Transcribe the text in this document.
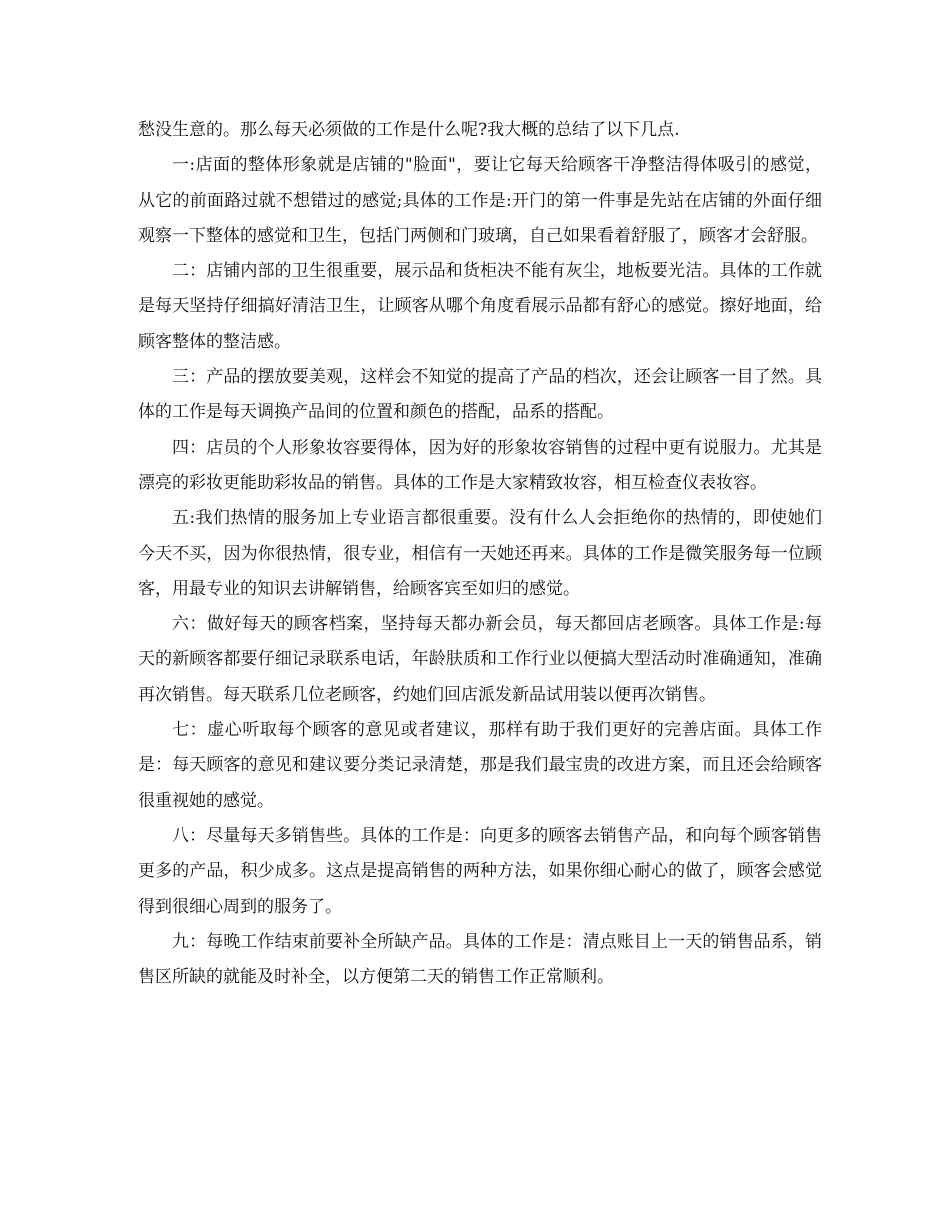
愁没生意的。那么每天必须做的工作是什么呢?我大概的总结了以下几点.

一:店面的整体形象就是店铺的"脸面"，要让它每天给顾客干净整洁得体吸引的感觉，从它的前面路过就不想错过的感觉;具体的工作是:开门的第一件事是先站在店铺的外面仔细观察一下整体的感觉和卫生，包括门两侧和门玻璃，自己如果看着舒服了，顾客才会舒服。

二：店铺内部的卫生很重要，展示品和货柜决不能有灰尘，地板要光洁。具体的工作就是每天坚持仔细搞好清洁卫生，让顾客从哪个角度看展示品都有舒心的感觉。擦好地面，给顾客整体的整洁感。

三：产品的摆放要美观，这样会不知觉的提高了产品的档次，还会让顾客一目了然。具体的工作是每天调换产品间的位置和颜色的搭配，品系的搭配。

四：店员的个人形象妆容要得体，因为好的形象妆容销售的过程中更有说服力。尤其是漂亮的彩妆更能助彩妆品的销售。具体的工作是大家精致妆容，相互检查仪表妆容。

五:我们热情的服务加上专业语言都很重要。没有什么人会拒绝你的热情的，即使她们今天不买，因为你很热情，很专业，相信有一天她还再来。具体的工作是微笑服务每一位顾客，用最专业的知识去讲解销售，给顾客宾至如归的感觉。

六：做好每天的顾客档案，坚持每天都办新会员，每天都回店老顾客。具体工作是:每天的新顾客都要仔细记录联系电话，年龄肤质和工作行业以便搞大型活动时准确通知，准确再次销售。每天联系几位老顾客，约她们回店派发新品试用装以便再次销售。

七：虚心听取每个顾客的意见或者建议，那样有助于我们更好的完善店面。具体工作是：每天顾客的意见和建议要分类记录清楚，那是我们最宝贵的改进方案，而且还会给顾客很重视她的感觉。

八：尽量每天多销售些。具体的工作是：向更多的顾客去销售产品，和向每个顾客销售更多的产品，积少成多。这点是提高销售的两种方法，如果你细心耐心的做了，顾客会感觉得到很细心周到的服务了。

九：每晚工作结束前要补全所缺产品。具体的工作是：清点账目上一天的销售品系，销售区所缺的就能及时补全，以方便第二天的销售工作正常顺利。
